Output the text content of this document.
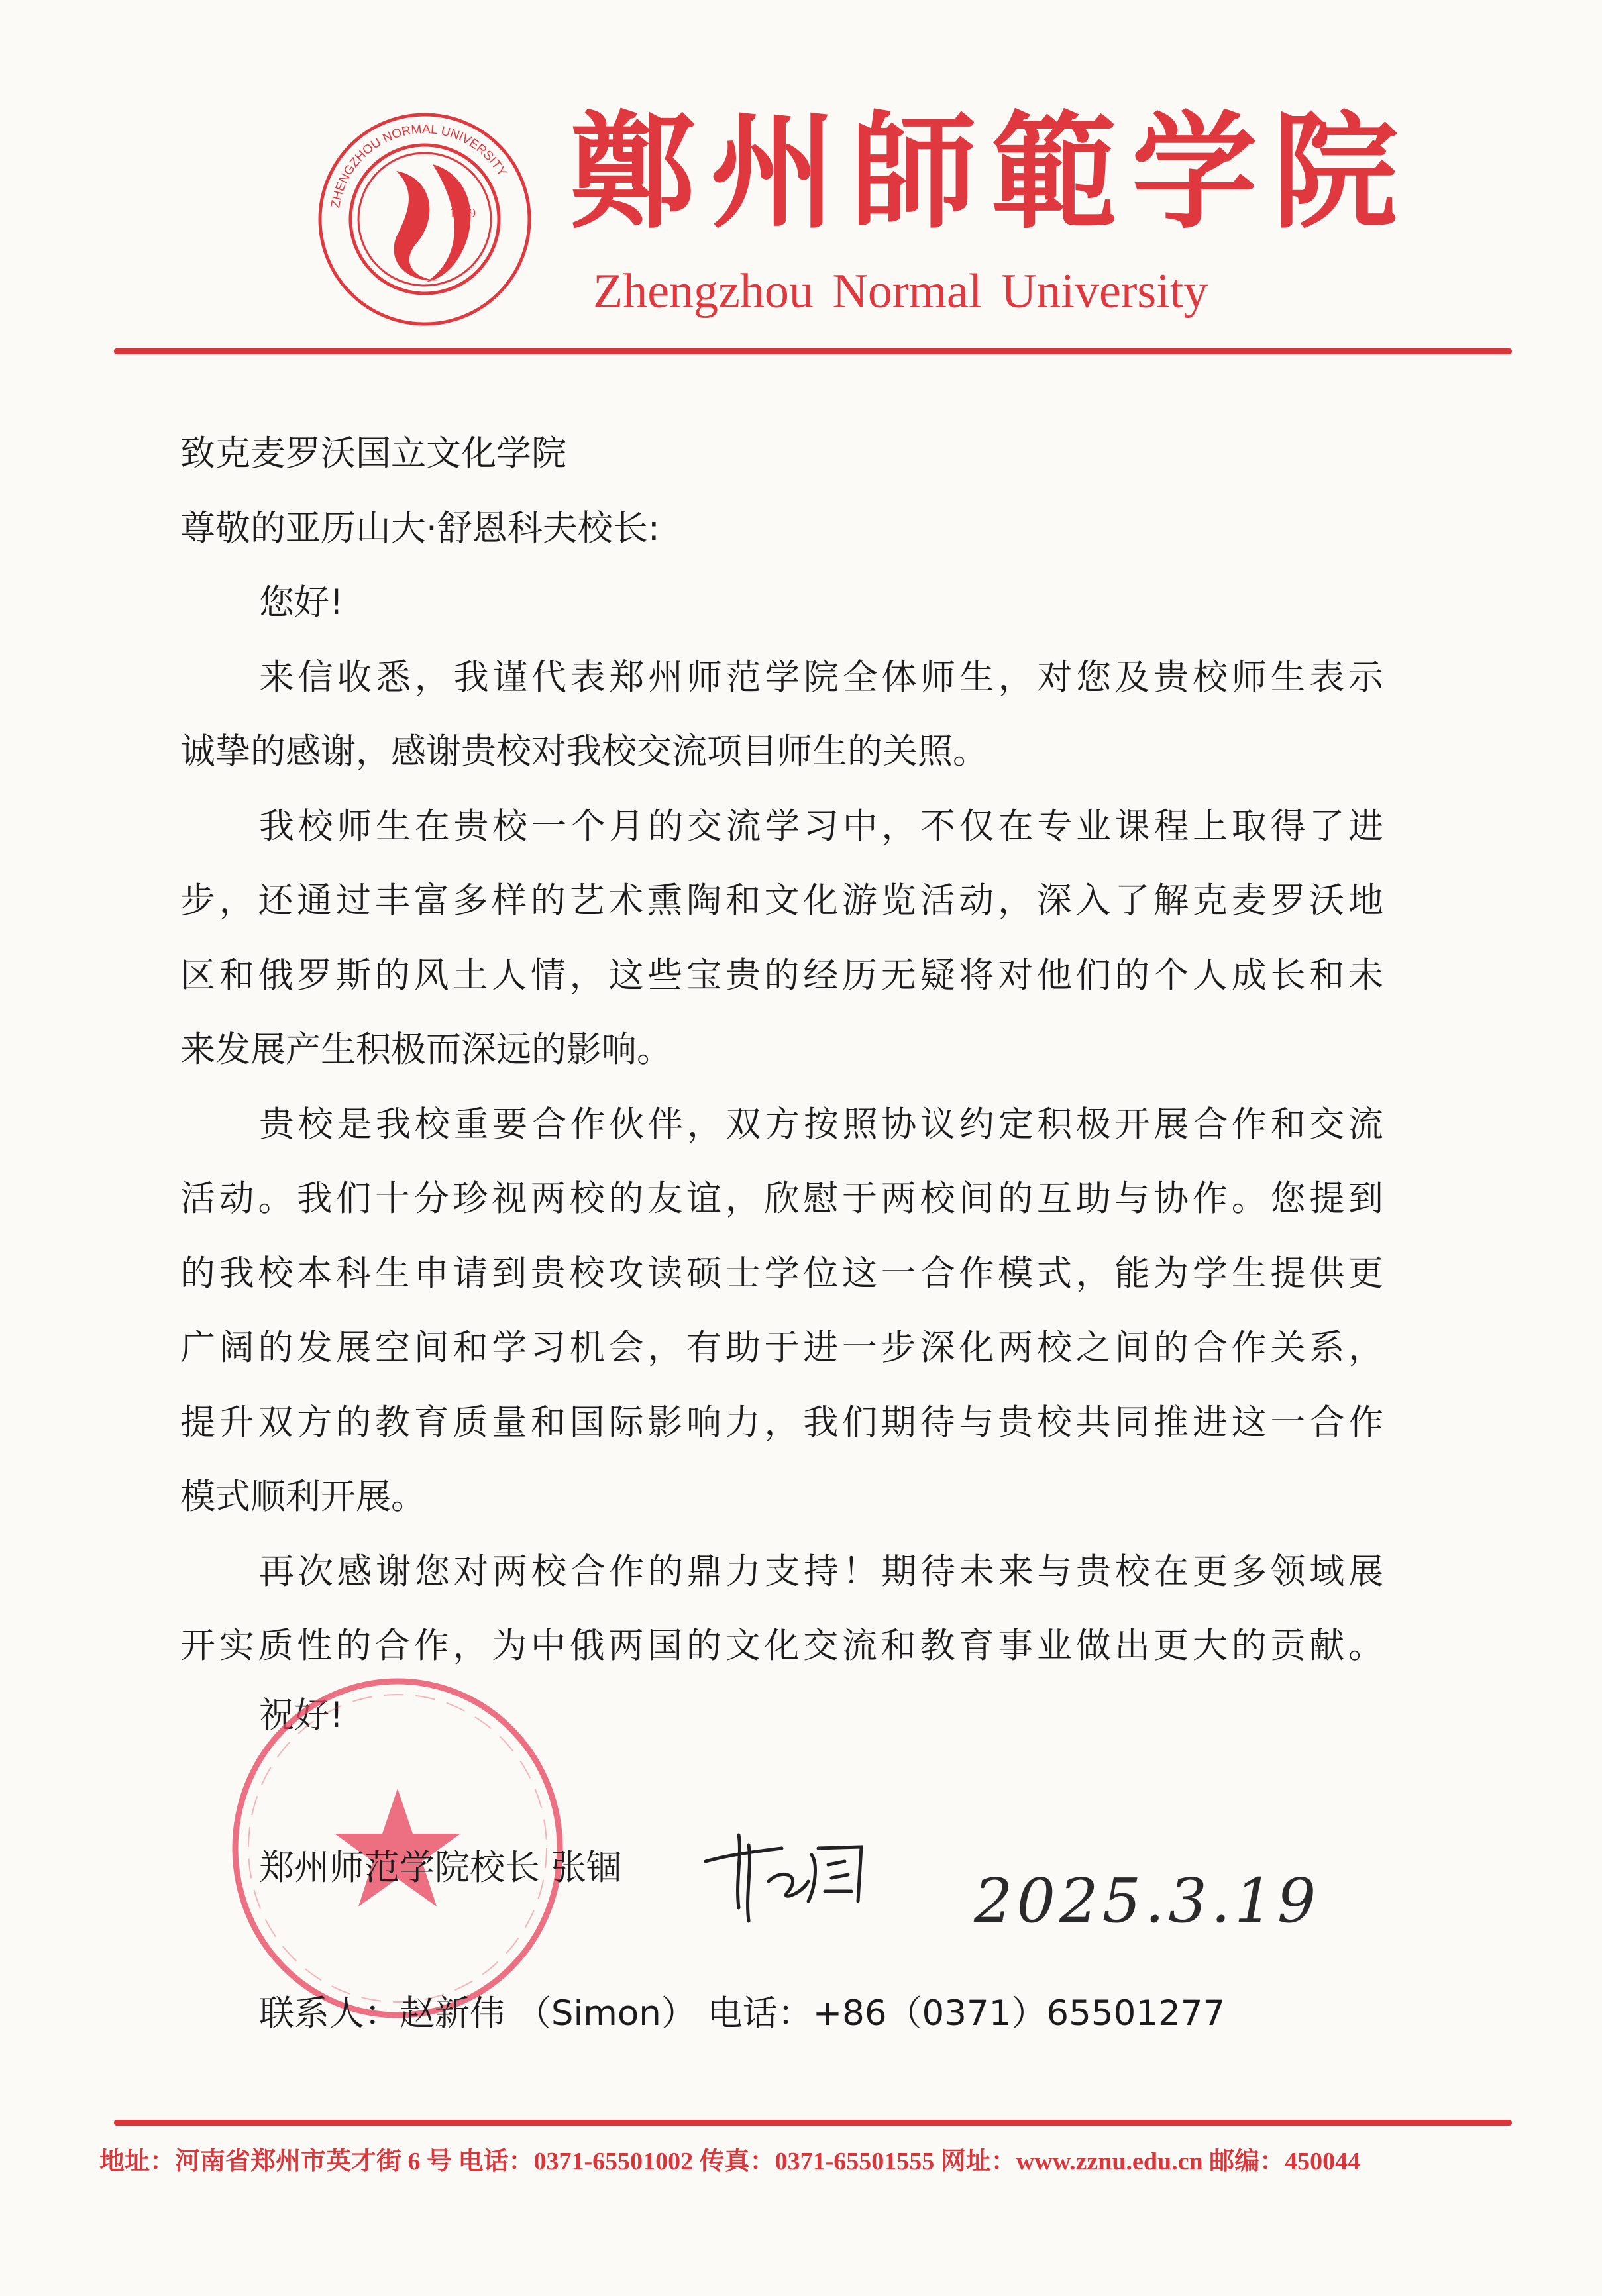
1949
ZHENGZHOU NORMAL UNIVERSITY 鄭州師範学院
Zhengzhou Normal University
致克麦罗沃国立文化学院
尊敬的亚历山大·舒恩科夫校长:
您好!
来信收悉，我谨代表郑州师范学院全体师生，对您及贵校师生表示
诚挚的感谢，感谢贵校对我校交流项目师生的关照。
我校师生在贵校一个月的交流学习中，不仅在专业课程上取得了进
步，还通过丰富多样的艺术熏陶和文化游览活动，深入了解克麦罗沃地
区和俄罗斯的风土人情，这些宝贵的经历无疑将对他们的个人成长和未
来发展产生积极而深远的影响。
贵校是我校重要合作伙伴，双方按照协议约定积极开展合作和交流
活动。我们十分珍视两校的友谊，欣慰于两校间的互助与协作。您提到
的我校本科生申请到贵校攻读硕士学位这一合作模式，能为学生提供更
广阔的发展空间和学习机会，有助于进一步深化两校之间的合作关系，
提升双方的教育质量和国际影响力，我们期待与贵校共同推进这一合作
模式顺利开展。
再次感谢您对两校合作的鼎力支持！期待未来与贵校在更多领域展
开实质性的合作，为中俄两国的文化交流和教育事业做出更大的贡献。
祝好!
郑州师范学院校长 张锢	2025.3.19
联系人：赵新伟 （Simon） 电话：+86（0371）65501277
地址：河南省郑州市英才街 6 号 电话：0371-65501002 传真：0371-65501555 网址：www.zznu.edu.cn 邮编：450044
